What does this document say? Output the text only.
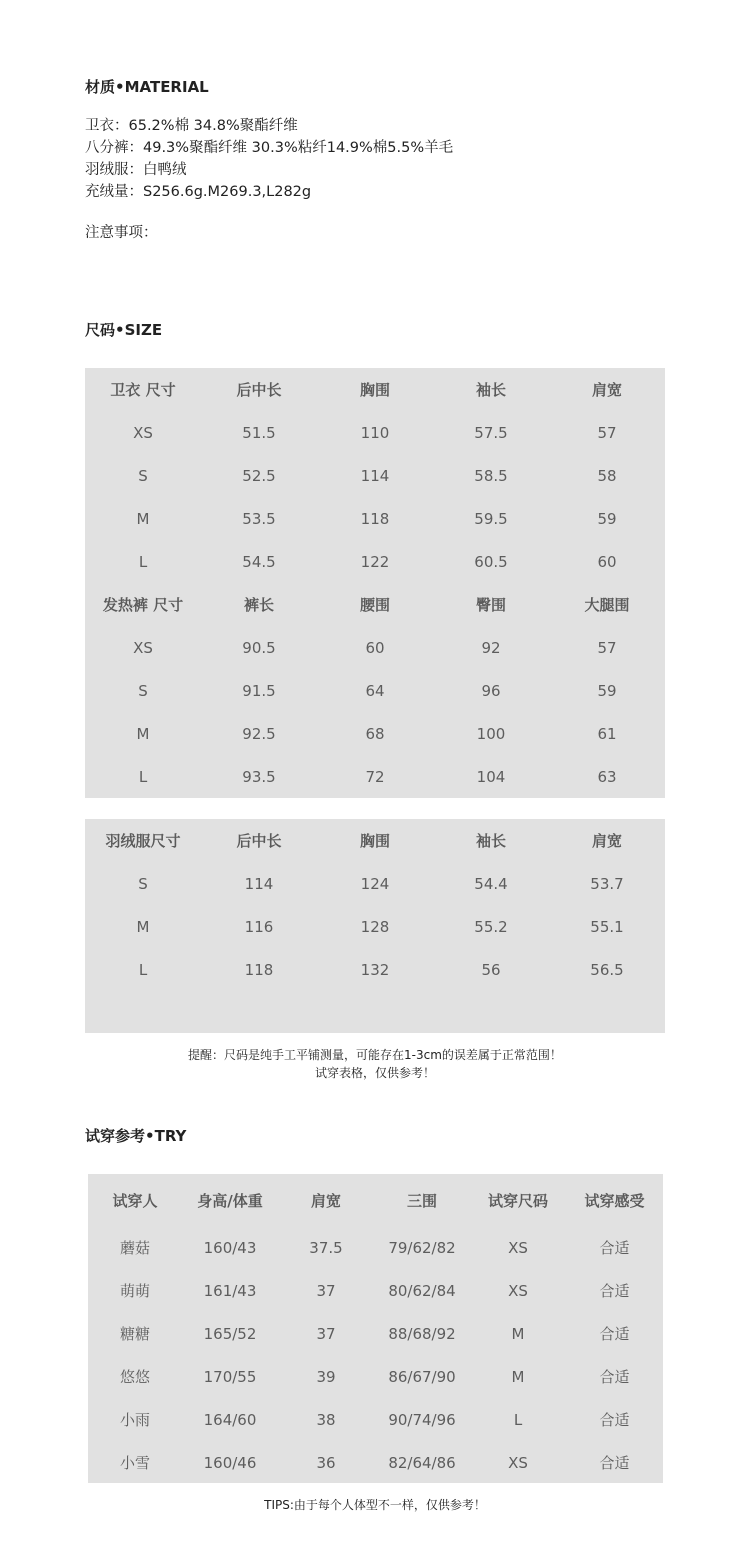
材质•MATERIAL
卫衣：65.2%棉 34.8%聚酯纤维
八分裤：49.3%聚酯纤维 30.3%粘纤14.9%棉5.5%羊毛
羽绒服：白鸭绒
充绒量：S256.6g.M269.3,L282g
注意事项：
尺码•SIZE
卫衣 尺寸	后中长	胸围	袖长	肩宽
XS	51.5	110	57.5	57
S	52.5	114	58.5	58
M	53.5	118	59.5	59
L	54.5	122	60.5	60
发热裤 尺寸	裤长	腰围	臀围	大腿围
XS	90.5	60	92	57
S	91.5	64	96	59
M	92.5	68	100	61
L	93.5	72	104	63
羽绒服尺寸	后中长	胸围	袖长	肩宽
S	114	124	54.4	53.7
M	116	128	55.2	55.1
L	118	132	56	56.5
提醒：尺码是纯手工平铺测量，可能存在1-3cm的误差属于正常范围！
试穿表格，仅供参考！
试穿参考•TRY
试穿人	身高/体重	肩宽	三围	试穿尺码	试穿感受
蘑菇	160/43	37.5	79/62/82	XS	合适
萌萌	161/43	37	80/62/84	XS	合适
糖糖	165/52	37	88/68/92	M	合适
悠悠	170/55	39	86/67/90	M	合适
小雨	164/60	38	90/74/96	L	合适
小雪	160/46	36	82/64/86	XS	合适
TIPS:由于每个人体型不一样，仅供参考！
